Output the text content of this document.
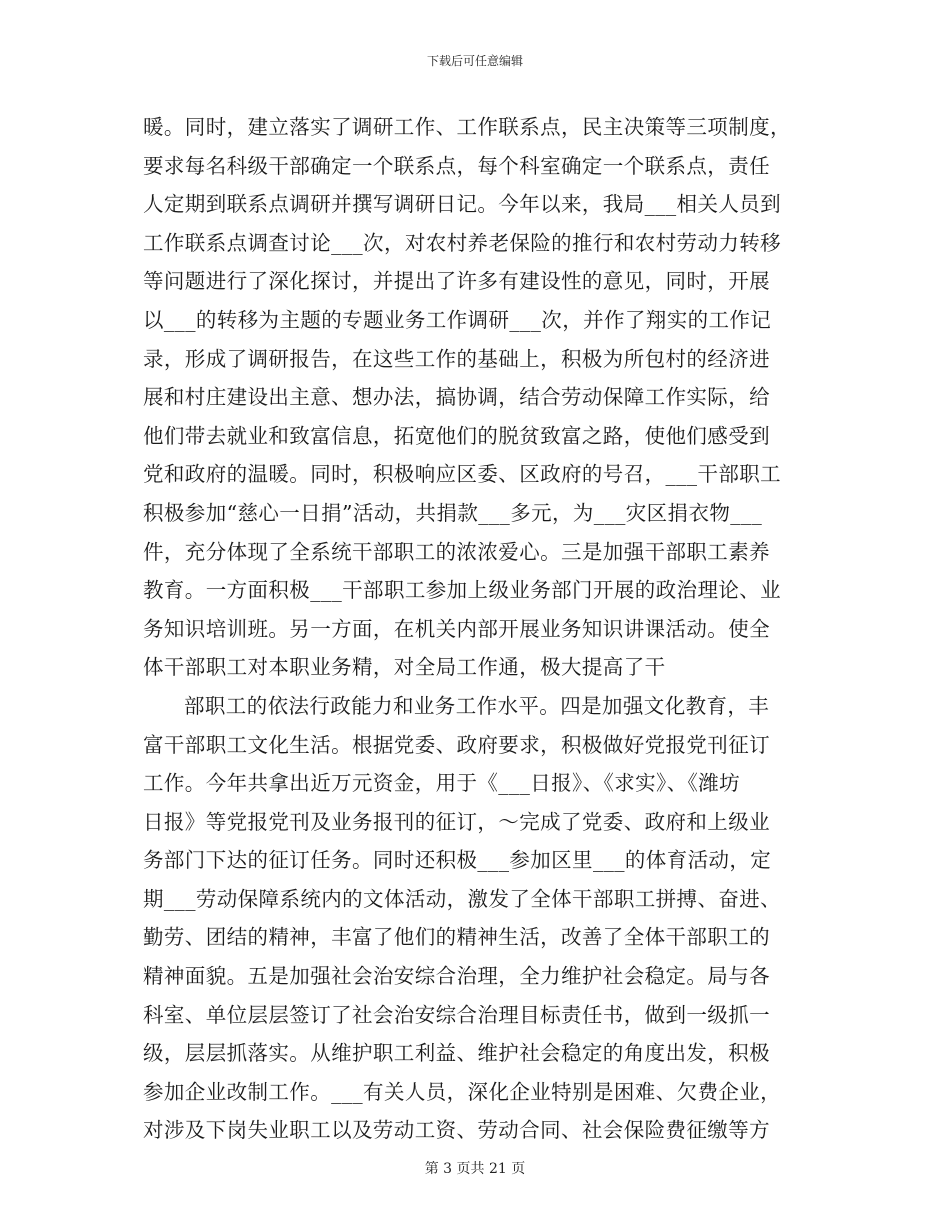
下载后可任意编辑
暖。同时，建立落实了调研工作、工作联系点，民主决策等三项制度，
要求每名科级干部确定一个联系点，每个科室确定一个联系点，责任
人定期到联系点调研并撰写调研日记。今年以来，我局___相关人员到
工作联系点调查讨论___次，对农村养老保险的推行和农村劳动力转移
等问题进行了深化探讨，并提出了许多有建设性的意见，同时，开展
以___的转移为主题的专题业务工作调研___次，并作了翔实的工作记
录，形成了调研报告，在这些工作的基础上，积极为所包村的经济进
展和村庄建设出主意、想办法，搞协调，结合劳动保障工作实际，给
他们带去就业和致富信息，拓宽他们的脱贫致富之路，使他们感受到
党和政府的温暖。同时，积极响应区委、区政府的号召，___干部职工
积极参加“慈心一日捐”活动，共捐款___多元，为___灾区捐衣物___
件，充分体现了全系统干部职工的浓浓爱心。三是加强干部职工素养
教育。一方面积极___干部职工参加上级业务部门开展的政治理论、业
务知识培训班。另一方面，在机关内部开展业务知识讲课活动。使全
体干部职工对本职业务精，对全局工作通，极大提高了干
部职工的依法行政能力和业务工作水平。四是加强文化教育，丰
富干部职工文化生活。根据党委、政府要求，积极做好党报党刊征订
工作。今年共拿出近万元资金，用于《___日报》、《求实》、《潍坊
日报》等党报党刊及业务报刊的征订，～完成了党委、政府和上级业
务部门下达的征订任务。同时还积极___参加区里___的体育活动，定
期___劳动保障系统内的文体活动，激发了全体干部职工拼搏、奋进、
勤劳、团结的精神，丰富了他们的精神生活，改善了全体干部职工的
精神面貌。五是加强社会治安综合治理，全力维护社会稳定。局与各
科室、单位层层签订了社会治安综合治理目标责任书，做到一级抓一
级，层层抓落实。从维护职工利益、维护社会稳定的角度出发，积极
参加企业改制工作。___有关人员，深化企业特别是困难、欠费企业，
对涉及下岗失业职工以及劳动工资、劳动合同、社会保险费征缴等方
第 3 页共 21 页
